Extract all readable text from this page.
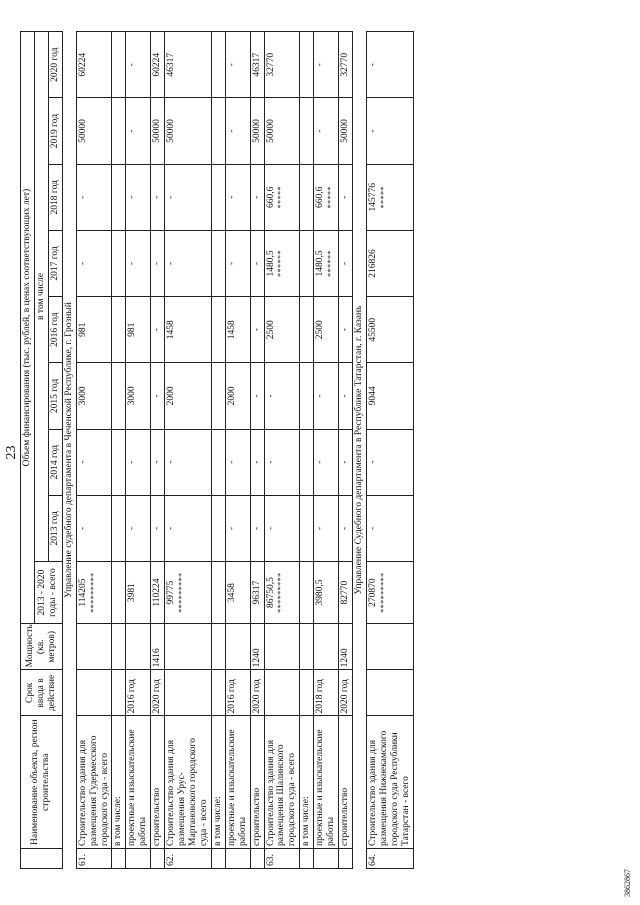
23
	Наименование объекта, регион строительства	Срок ввода в действие	Мощность (кв. метров)	Объем финансирования (тыс. рублей, в ценах соответствующих лет)								
				2013 - 2020 годы - всего	в том числе							
					2013 год	2014 год	2015 год	2016 год	2017 год	2018 год	2019 год	2020 год
Управление судебного департамента в Чеченской Республике, г. Грозный												
61.	Строительство здания для размещения Гудермесского городского суда - всего			114205 *********	-	-	3000	981	-	-	50000	60224
	в том числе:											
	проектные и изыскательские работы	2016 год		3981	-	-	3000	981	-	-	-	-
	строительство	2020 год	1416	110224	-	-	-	-	-	-	50000	60224
62.	Строительство здания для размещения Урус-Мартановского городского суда - всего			99775 *********	-	-	2000	1458	-	-	50000	46317
	в том числе:											
	проектные и изыскательские работы	2016 год		3458	-	-	2000	1458	-	-	-	-
	строительство	2020 год	1240	96317	-	-	-	-	-	-	50000	46317
63.	Строительство здания для размещения Шалинского городского суда - всего			86750,5 *********	-	-	-	2500	1480,5 ******	660,6 *****	50000	32770
	в том числе:											
	проектные и изыскательские работы	2018 год		3980,5	-	-	-	2500	1480,5 ******	660,6 *****	-	-
	строительство	2020 год	1240	82770	-	-	-	-	-	-	50000	32770
Управление Судебного департамента в Республике Татарстан, г. Казань												
64.	Строительство здания для размещения Нижнекамского городского суда Республики Татарстан - всего			270870 *********	-	-	9044	45500	216826	145776 *****	-	-
3862867
